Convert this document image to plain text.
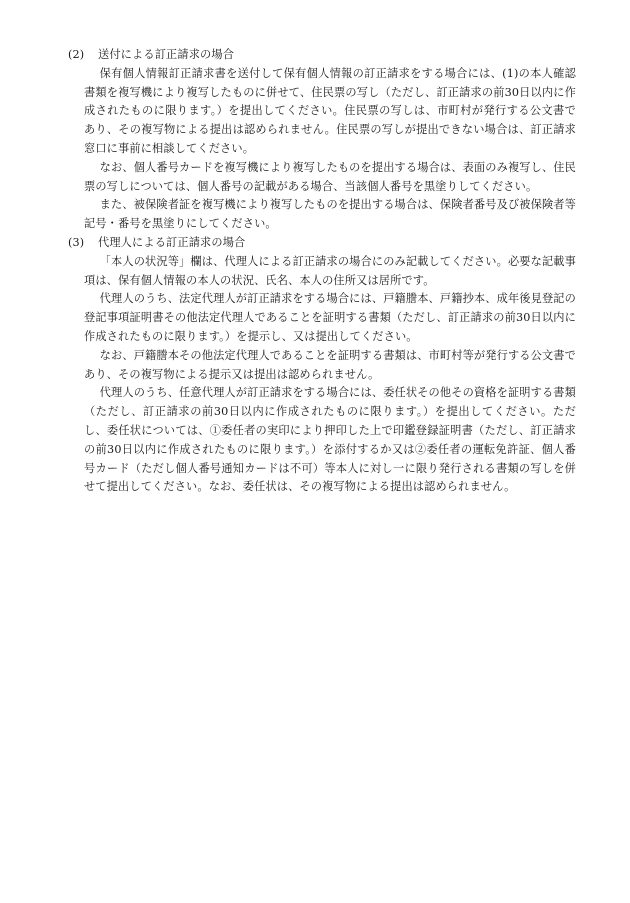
(2)	送付による訂正請求の場合

保有個人情報訂正請求書を送付して保有個人情報の訂正請求をする場合には、(1)の本人確認書類を複写機により複写したものに併せて、住民票の写し（ただし、訂正請求の前30日以内に作成されたものに限ります。）を提出してください。住民票の写しは、市町村が発行する公文書であり、その複写物による提出は認められません。住民票の写しが提出できない場合は、訂正請求窓口に事前に相談してください。

なお、個人番号カードを複写機により複写したものを提出する場合は、表面のみ複写し、住民票の写しについては、個人番号の記載がある場合、当該個人番号を黒塗りしてください。

また、被保険者証を複写機により複写したものを提出する場合は、保険者番号及び被保険者等記号・番号を黒塗りにしてください。

(3)	代理人による訂正請求の場合

「本人の状況等」欄は、代理人による訂正請求の場合にのみ記載してください。必要な記載事項は、保有個人情報の本人の状況、氏名、本人の住所又は居所です。

代理人のうち、法定代理人が訂正請求をする場合には、戸籍謄本、戸籍抄本、成年後見登記の登記事項証明書その他法定代理人であることを証明する書類（ただし、訂正請求の前30日以内に作成されたものに限ります。）を提示し、又は提出してください。

なお、戸籍謄本その他法定代理人であることを証明する書類は、市町村等が発行する公文書であり、その複写物による提示又は提出は認められません。

代理人のうち、任意代理人が訂正請求をする場合には、委任状その他その資格を証明する書類（ただし、訂正請求の前30日以内に作成されたものに限ります。）を提出してください。ただし、委任状については、①委任者の実印により押印した上で印鑑登録証明書（ただし、訂正請求の前30日以内に作成されたものに限ります。）を添付するか又は②委任者の運転免許証、個人番号カード（ただし個人番号通知カードは不可）等本人に対し一に限り発行される書類の写しを併せて提出してください。なお、委任状は、その複写物による提出は認められません。
